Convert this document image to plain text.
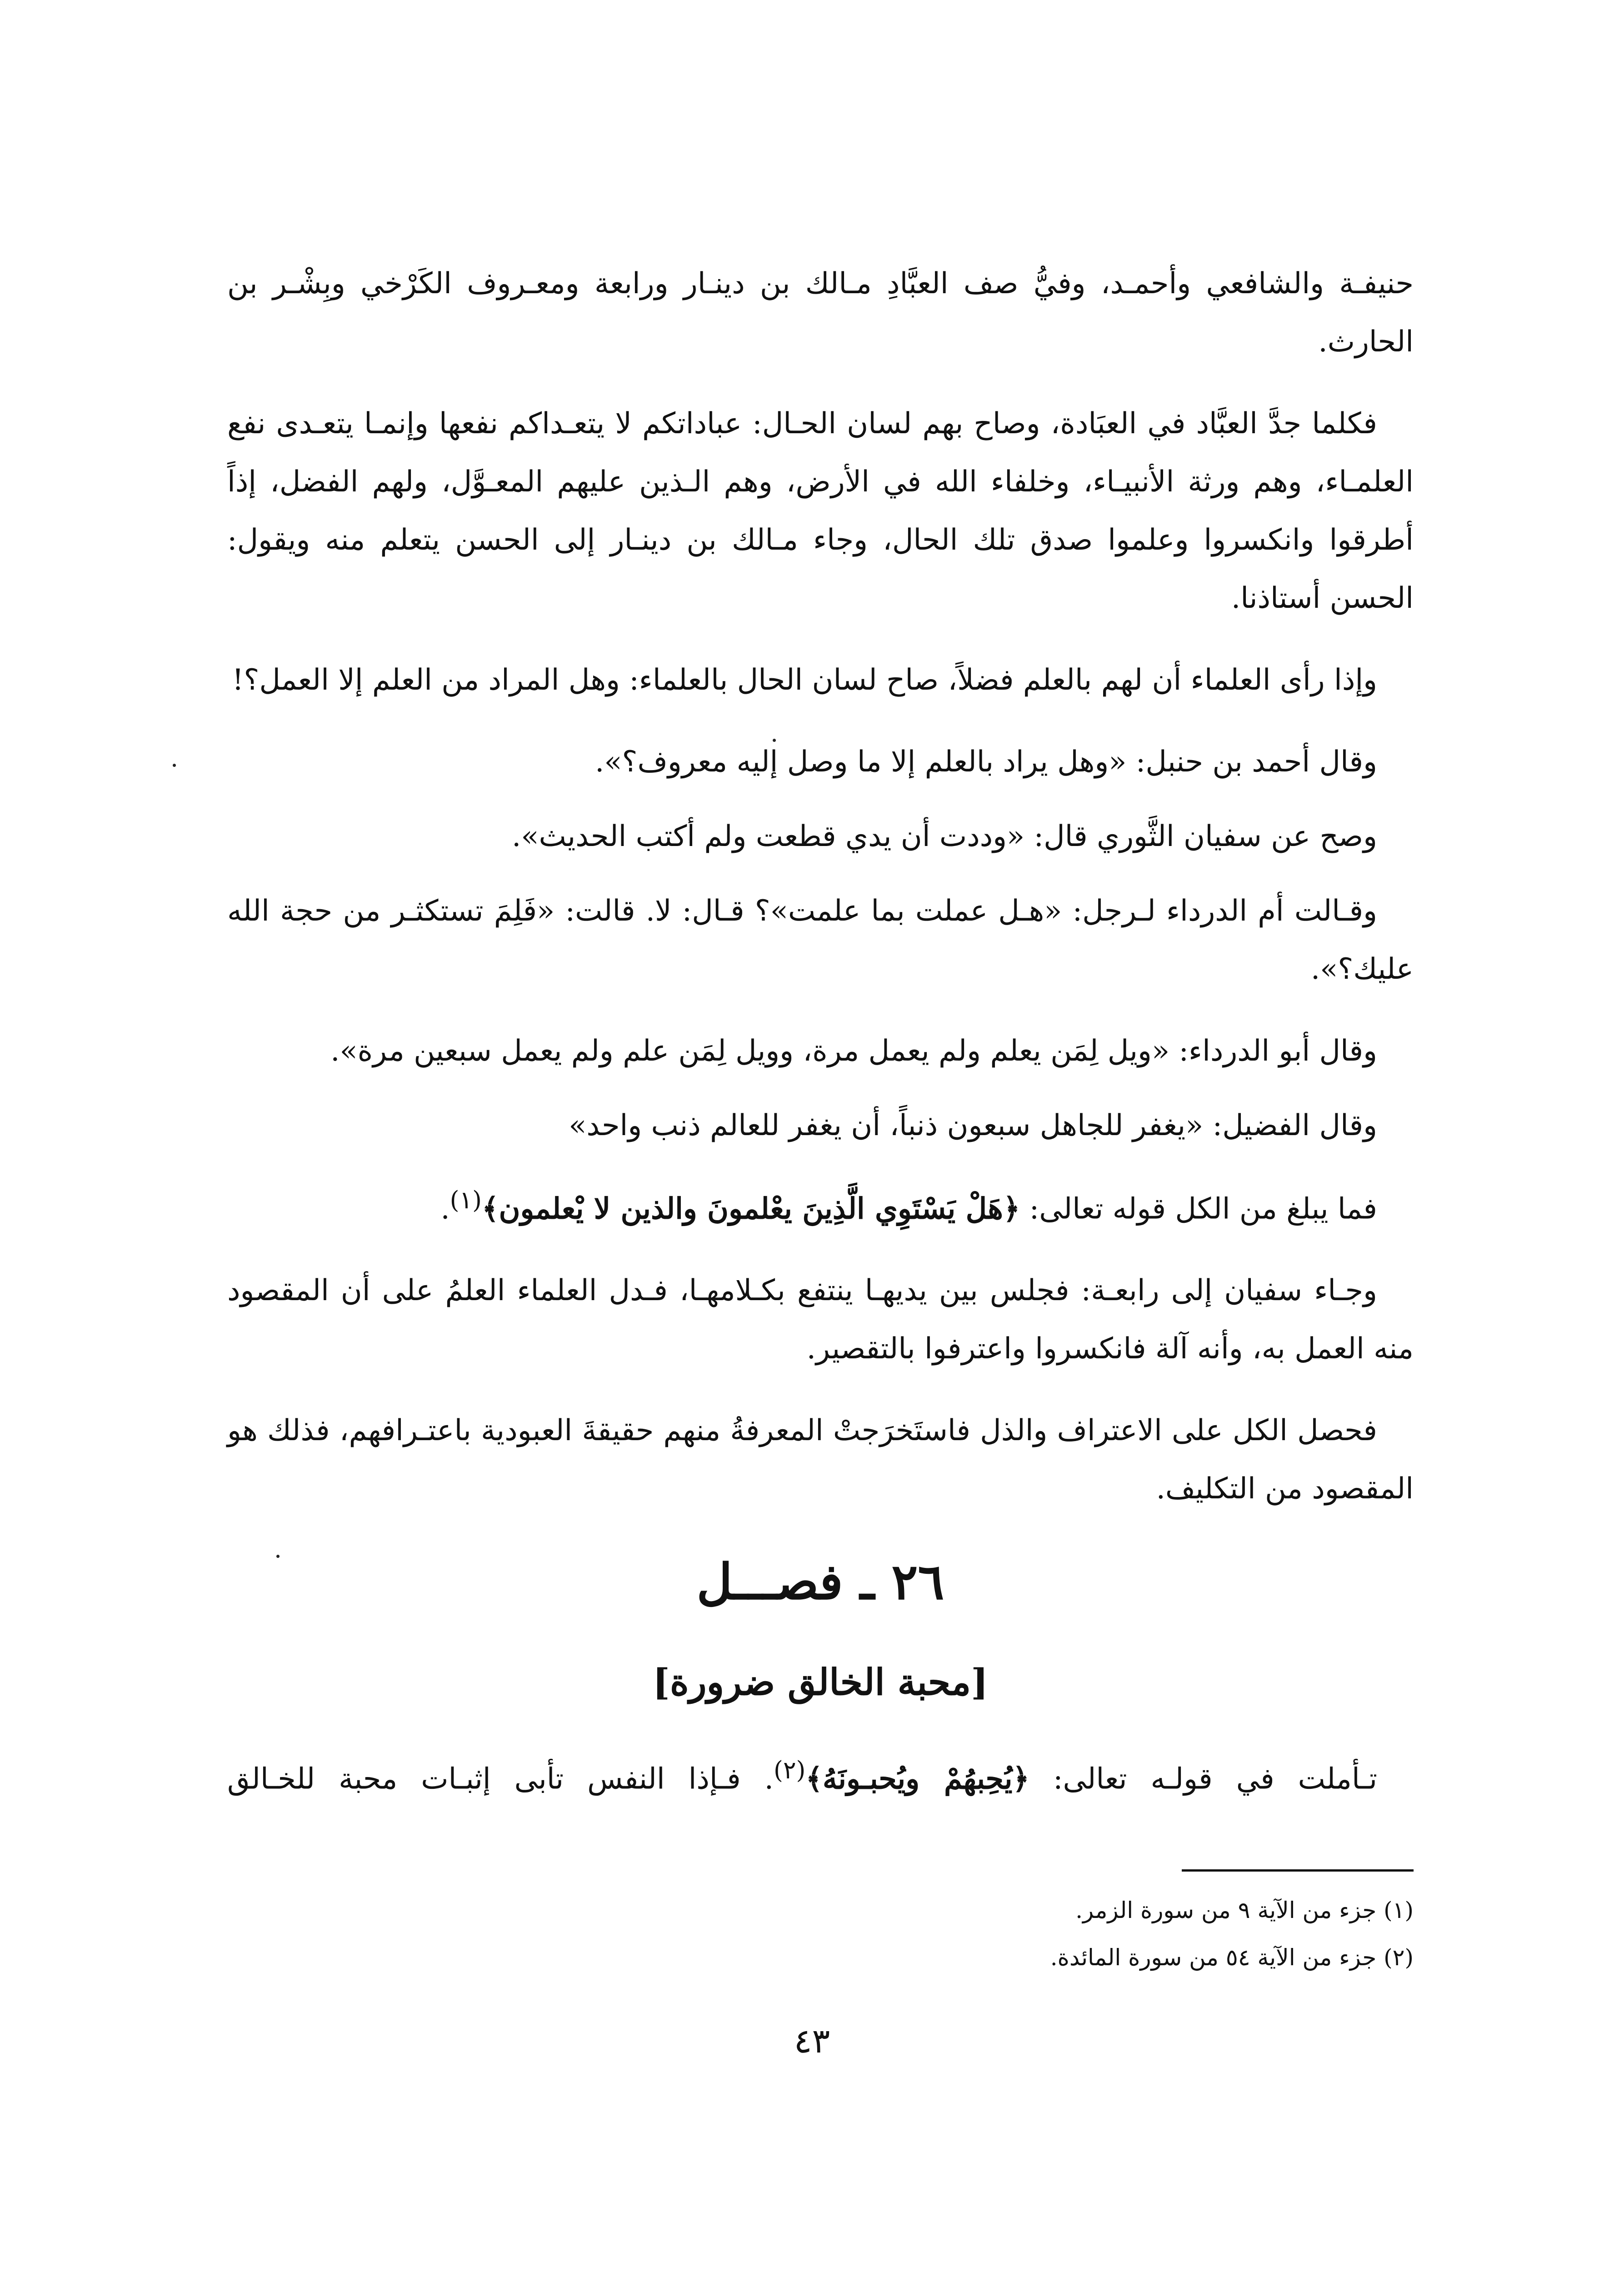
حنيفـة والشافعي وأحمـد، وفيُّ صف العبَّادِ مـالك بن دينـار ورابعة ومعـروف الكَرْخي وبِشْـر بن الحارث.

فكلما جدَّ العبَّاد في العبَادة، وصاح بهم لسان الحـال: عباداتكم لا يتعـداكم نفعها وإنمـا يتعـدى نفع العلمـاء، وهم ورثة الأنبيـاء، وخلفاء الله في الأرض، وهم الـذين عليهم المعـوَّل، ولهم الفضل، إذاً أطرقوا وانكسروا وعلموا صدق تلك الحال، وجاء مـالك بن دينـار إلى الحسن يتعلم منه ويقول: الحسن أستاذنا.

وإذا رأى العلماء أن لهم بالعلم فضلاً، صاح لسان الحال بالعلماء: وهل المراد من العلم إلا العمل؟!

وقال أحمد بن حنبل: «وهل يراد بالعلم إلا ما وصل إليه معروف؟».

وصح عن سفيان الثَّوري قال: «وددت أن يدي قطعت ولم أكتب الحديث».

وقـالت أم الدرداء لـرجل: «هـل عملت بما علمت»؟ قـال: لا. قالت: «فَلِمَ تستكثـر من حجة الله عليك؟».

وقال أبو الدرداء: «ويل لِمَن يعلم ولم يعمل مرة، وويل لِمَن علم ولم يعمل سبعين مرة».

وقال الفضيل: «يغفر للجاهل سبعون ذنباً، أن يغفر للعالم ذنب واحد»

فما يبلغ من الكل قوله تعالى: ﴿هَلْ يَسْتَوِي الَّذِينَ يعْلمونَ والذين لا يْعلمون﴾$^{(١)}$.

وجـاء سفيان إلى رابعـة: فجلس بين يديهـا ينتفع بكـلامهـا، فـدل العلماء العلمُ على أن المقصود منه العمل به، وأنه آلة فانكسروا واعترفوا بالتقصير.

فحصل الكل على الاعتراف والذل فاستَخرَجتْ المعرفةُ منهم حقيقةَ العبودية باعتـرافهم، فذلك هو المقصود من التكليف.

٢٦ ـ فصـــل
[محبة الخالق ضرورة]
تـأملت في قولـه تعالى: ﴿يُحِبهُمْ ويُحبـونَهُ﴾$^{(٢)}$. فـإذا النفس تأبى إثبـات محبة للخـالق
(١) جزء من الآية ٩ من سورة الزمر.
(٢) جزء من الآية ٥٤ من سورة المائدة.
٤٣
